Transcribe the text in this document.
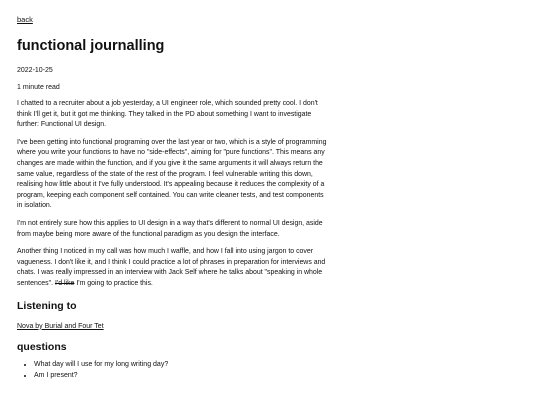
back
functional journalling
2022-10-25
1 minute read

I chatted to a recruiter about a job yesterday, a UI engineer role, which sounded pretty cool. I don't think I'll get it, but it got me thinking. They talked in the PD about something I want to investigate further: Functional UI design.

I've been getting into functional programing over the last year or two, which is a style of programming where you write your functions to have no "side-effects", aiming for "pure functions". This means any changes are made within the function, and if you give it the same arguments it will always return the same value, regardless of the state of the rest of the program. I feel vulnerable writing this down, realising how little about it I've fully understood. It's appealing because it reduces the complexity of a program, keeping each component self contained. You can write cleaner tests, and test components in isolation.

I'm not entirely sure how this applies to UI design in a way that's different to normal UI design, aside from maybe being more aware of the functional paradigm as you design the interface.

Another thing I noticed in my call was how much I waffle, and how I fall into using jargon to cover vagueness. I don't like it, and I think I could practice a lot of phrases in preparation for interviews and chats. I was really impressed in an interview with Jack Self where he talks about "speaking in whole sentences". I'd like I'm going to practice this.

Listening to
Nova by Burial and Four Tet
questions
• What day will I use for my long writing day?
• Am I present?
